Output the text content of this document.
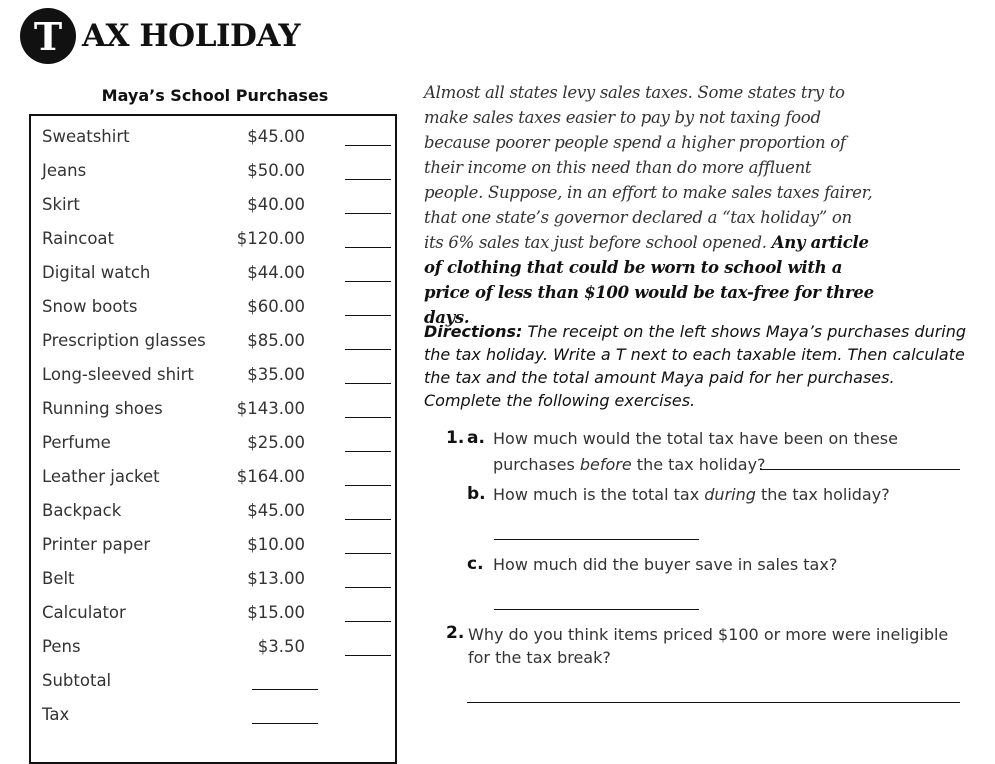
T AX HOLIDAY
Maya’s School Purchases
Sweatshirt	$45.00
Jeans	$50.00
Skirt	$40.00
Raincoat	$120.00
Digital watch	$44.00
Snow boots	$60.00
Prescription glasses	$85.00
Long-sleeved shirt	$35.00
Running shoes	$143.00
Perfume	$25.00
Leather jacket	$164.00
Backpack	$45.00
Printer paper	$10.00
Belt	$13.00
Calculator	$15.00
Pens	$3.50
Subtotal
Tax
Almost all states levy sales taxes. Some states try to make sales taxes easier to pay by not taxing food because poorer people spend a higher proportion of their income on this need than do more affluent people. Suppose, in an effort to make sales taxes fairer, that one state’s governor declared a “tax holiday” on its 6% sales tax just before school opened. Any article of clothing that could be worn to school with a price of less than $100 would be tax-free for three days.
Directions: The receipt on the left shows Maya’s purchases during the tax holiday. Write a T next to each taxable item. Then calculate the tax and the total amount Maya paid for her purchases. Complete the following exercises.
1. a. How much would the total tax have been on these
purchases before the tax holiday?
b. How much is the total tax during the tax holiday?
c. How much did the buyer save in sales tax?
2. Why do you think items priced $100 or more were ineligible
for the tax break?
